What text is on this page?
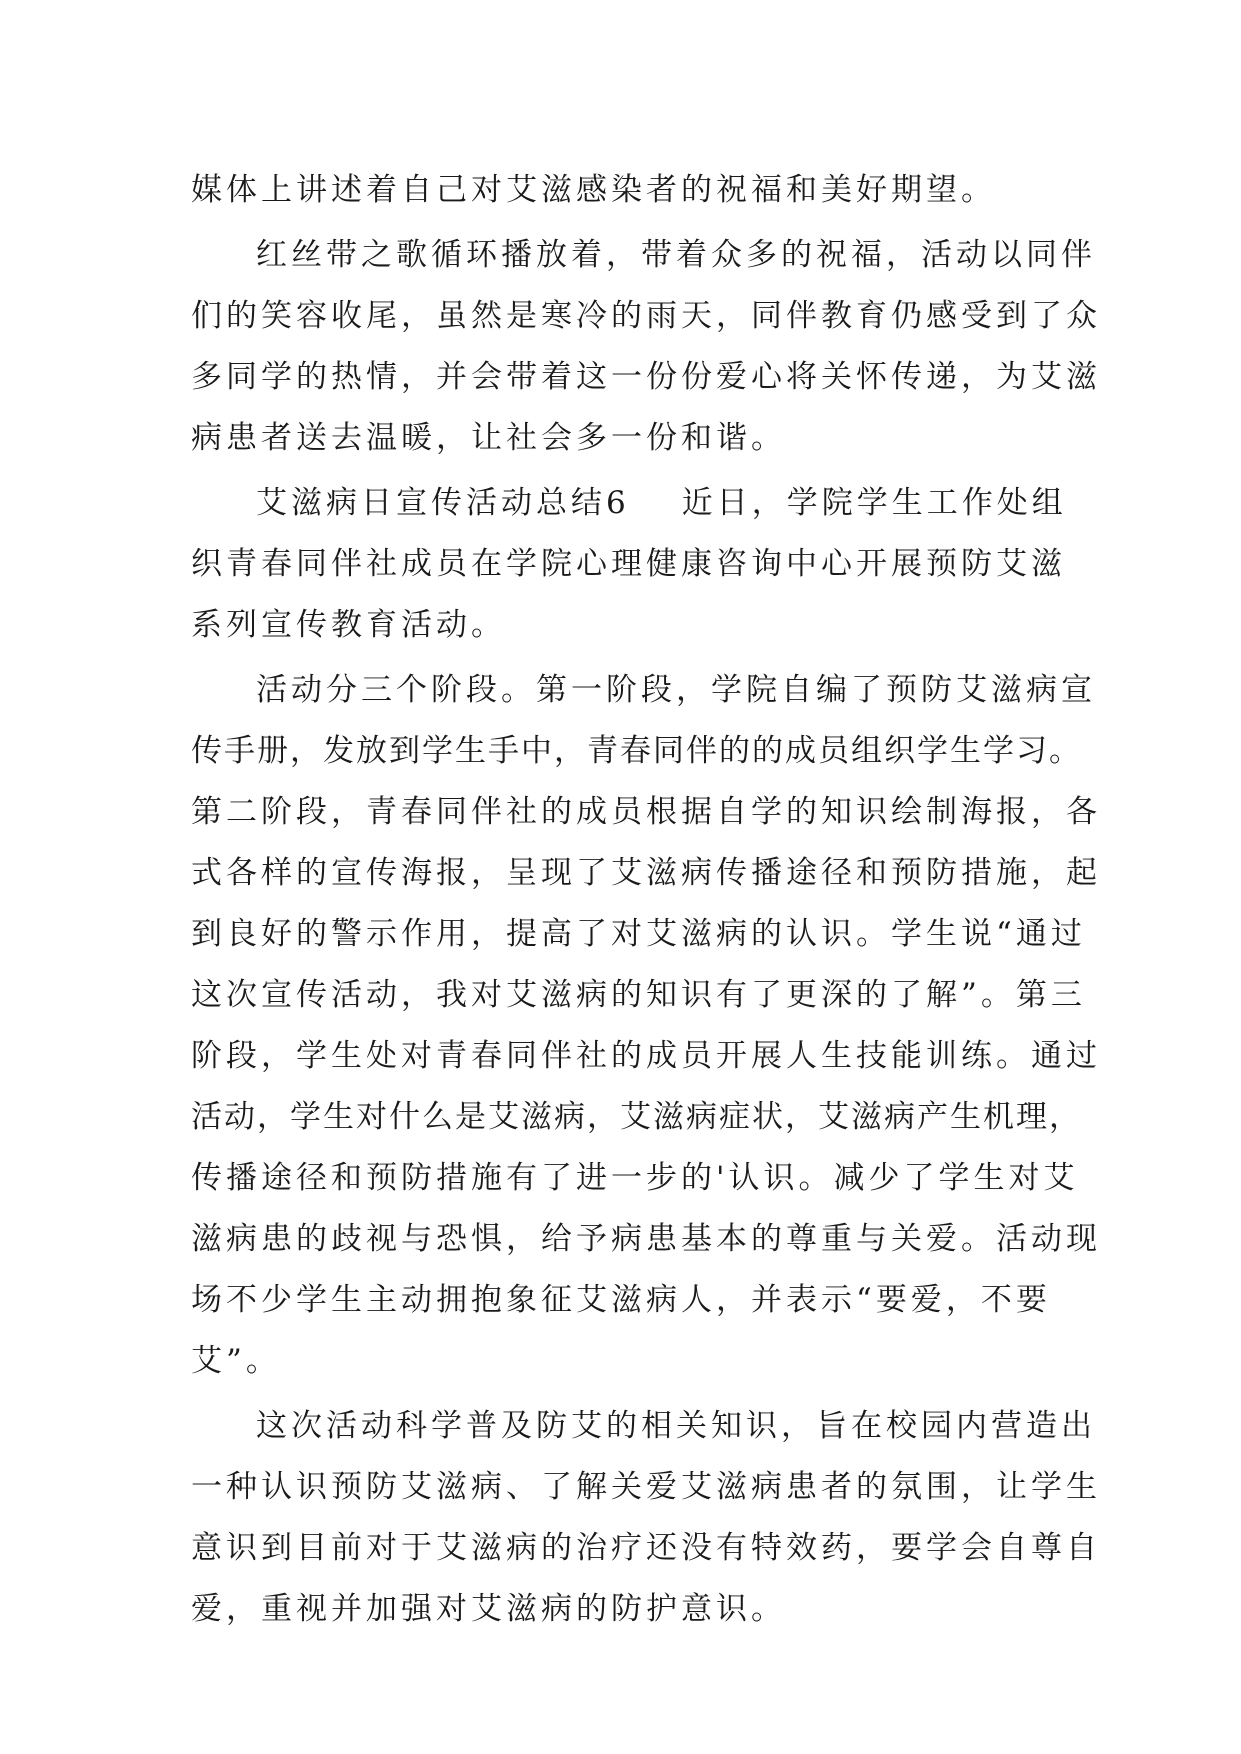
媒体上讲述着自己对艾滋感染者的祝福和美好期望。
红丝带之歌循环播放着，带着众多的祝福，活动以同伴
们的笑容收尾，虽然是寒冷的雨天，同伴教育仍感受到了众
多同学的热情，并会带着这一份份爱心将关怀传递，为艾滋
病患者送去温暖，让社会多一份和谐。
艾滋病日宣传活动总结6 近日，学院学生工作处组
织青春同伴社成员在学院心理健康咨询中心开展预防艾滋
系列宣传教育活动。
活动分三个阶段。第一阶段，学院自编了预防艾滋病宣
传手册，发放到学生手中，青春同伴的的成员组织学生学习。
第二阶段，青春同伴社的成员根据自学的知识绘制海报，各
式各样的宣传海报，呈现了艾滋病传播途径和预防措施，起
到良好的警示作用，提高了对艾滋病的认识。学生说“通过
这次宣传活动，我对艾滋病的知识有了更深的了解”。第三
阶段，学生处对青春同伴社的成员开展人生技能训练。通过
活动，学生对什么是艾滋病，艾滋病症状，艾滋病产生机理，
传播途径和预防措施有了进一步的'认识。减少了学生对艾
滋病患的歧视与恐惧，给予病患基本的尊重与关爱。活动现
场不少学生主动拥抱象征艾滋病人，并表示“要爱，不要
艾”。
这次活动科学普及防艾的相关知识，旨在校园内营造出
一种认识预防艾滋病、了解关爱艾滋病患者的氛围，让学生
意识到目前对于艾滋病的治疗还没有特效药，要学会自尊自
爱，重视并加强对艾滋病的防护意识。
